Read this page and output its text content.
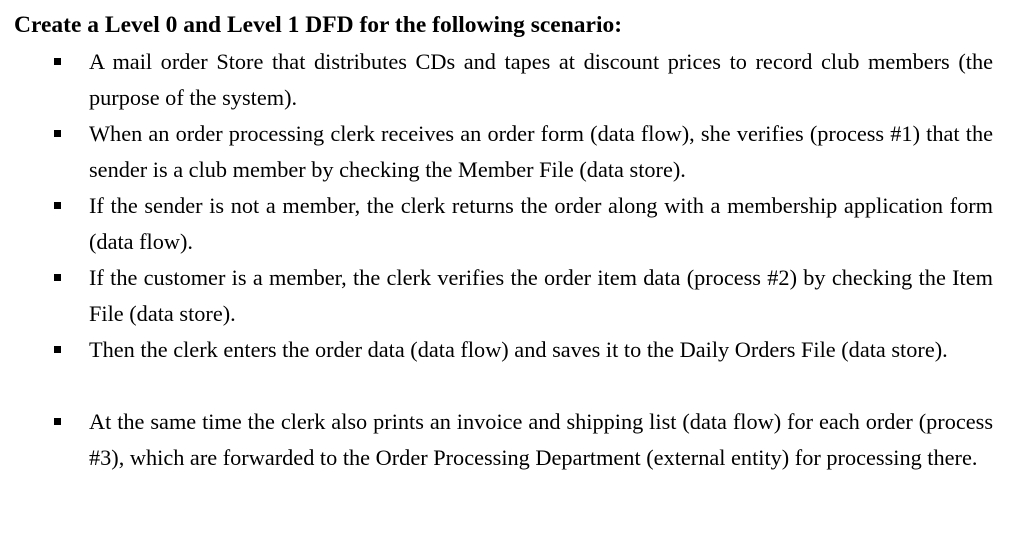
Create a Level 0 and Level 1 DFD for the following scenario:
A mail order Store that distributes CDs and tapes at discount prices to record club members (the purpose of the system).
When an order processing clerk receives an order form (data flow), she verifies (process #1) that the sender is a club member by checking the Member File (data store).
If the sender is not a member, the clerk returns the order along with a membership application form (data flow).
If the customer is a member, the clerk verifies the order item data (process #2) by checking the Item File (data store).
Then the clerk enters the order data (data flow) and saves it to the Daily Orders File (data store).
At the same time the clerk also prints an invoice and shipping list (data flow) for each order (process #3), which are forwarded to the Order Processing Department (external entity) for processing there.
